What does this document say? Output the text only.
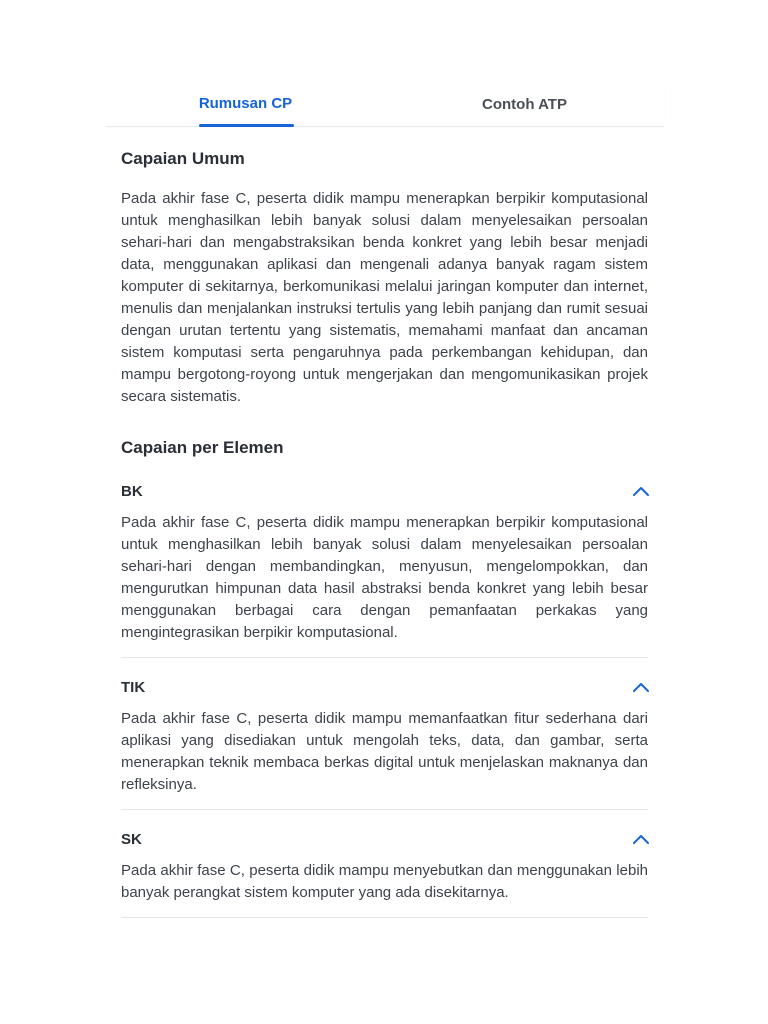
Rumusan CP	Contoh ATP
Capaian Umum

Pada akhir fase C, peserta didik mampu menerapkan berpikir komputasional untuk menghasilkan lebih banyak solusi dalam menyelesaikan persoalan sehari-hari dan mengabstraksikan benda konkret yang lebih besar menjadi data, menggunakan aplikasi dan mengenali adanya banyak ragam sistem komputer di sekitarnya, berkomunikasi melalui jaringan komputer dan internet, menulis dan menjalankan instruksi tertulis yang lebih panjang dan rumit sesuai dengan urutan tertentu yang sistematis, memahami manfaat dan ancaman sistem komputasi serta pengaruhnya pada perkembangan kehidupan, dan mampu bergotong-royong untuk mengerjakan dan mengomunikasikan projek secara sistematis.

Capaian per Elemen
BK

Pada akhir fase C, peserta didik mampu menerapkan berpikir komputasional untuk menghasilkan lebih banyak solusi dalam menyelesaikan persoalan sehari-hari dengan membandingkan, menyusun, mengelompokkan, dan mengurutkan himpunan data hasil abstraksi benda konkret yang lebih besar menggunakan berbagai cara dengan pemanfaatan perkakas yang mengintegrasikan berpikir komputasional.

TIK

Pada akhir fase C, peserta didik mampu memanfaatkan fitur sederhana dari aplikasi yang disediakan untuk mengolah teks, data, dan gambar, serta menerapkan teknik membaca berkas digital untuk menjelaskan maknanya dan refleksinya.

SK

Pada akhir fase C, peserta didik mampu menyebutkan dan menggunakan lebih banyak perangkat sistem komputer yang ada disekitarnya.
